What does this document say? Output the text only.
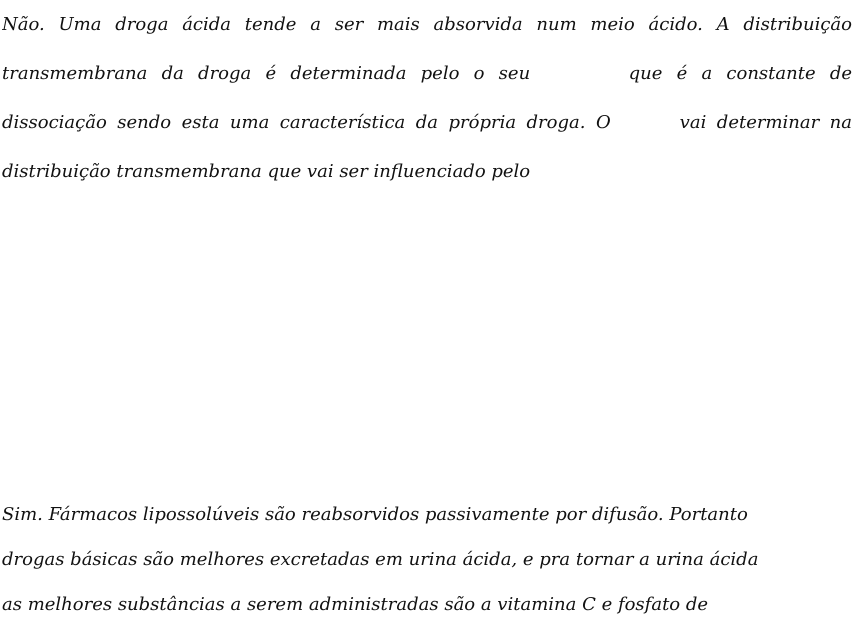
Não. Uma droga ácida tende a ser mais absorvida num meio ácido. A distribuição
transmembrana da droga é determinada pelo o seu	que é a constante de
dissociação sendo esta uma característica da própria droga. O	vai determinar na
distribuição transmembrana que vai ser influenciado pelo
Sim. Fármacos lipossolúveis são reabsorvidos passivamente por difusão. Portanto
drogas básicas são melhores excretadas em urina ácida, e pra tornar a urina ácida
as melhores substâncias a serem administradas são a vitamina C e fosfato de
